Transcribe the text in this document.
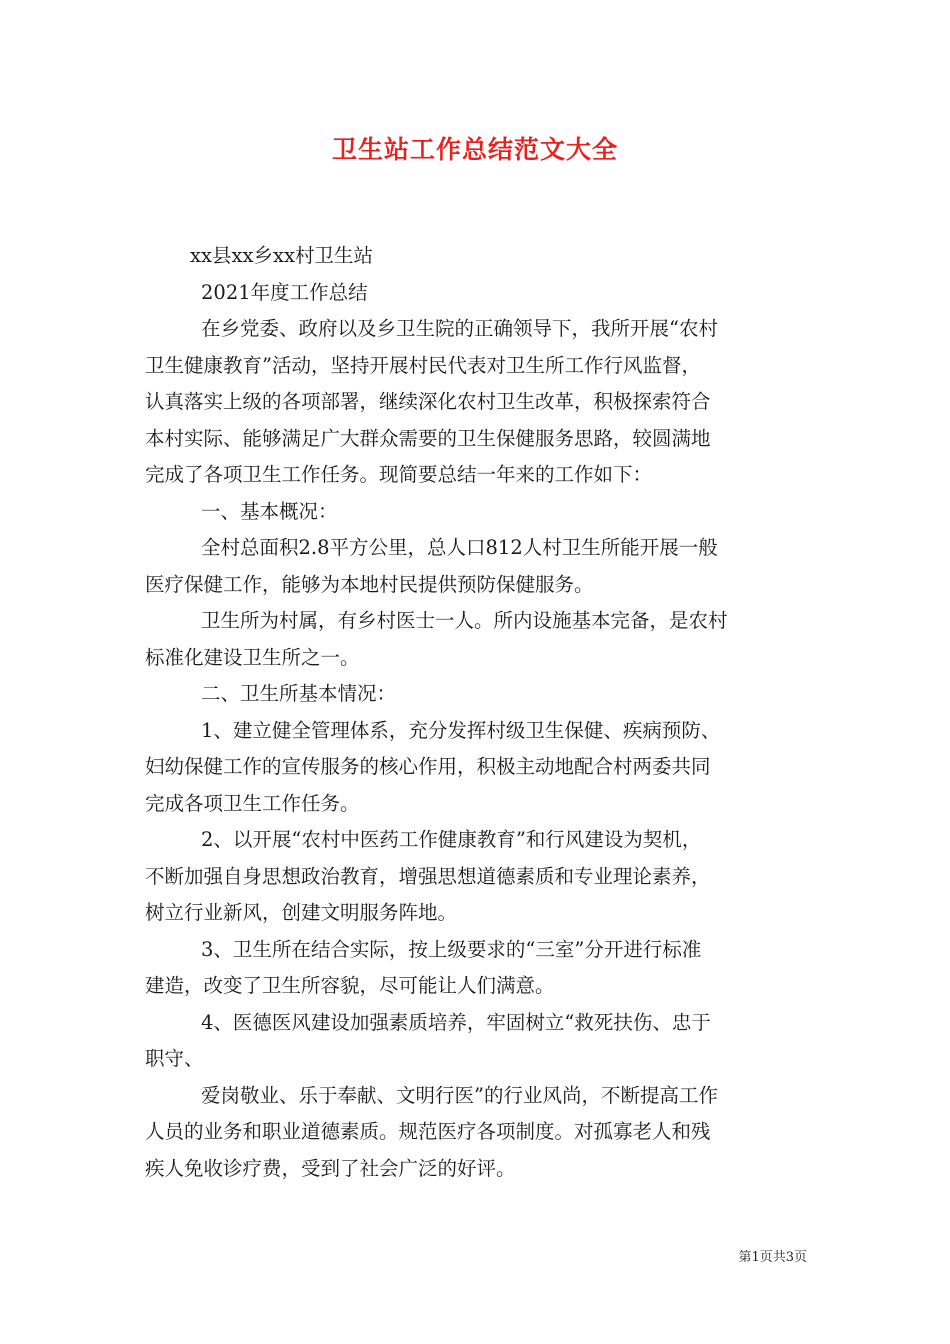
卫生站工作总结范文大全
xx县xx乡xx村卫生站
2021年度工作总结
在乡党委、政府以及乡卫生院的正确领导下，我所开展“农村
卫生健康教育”活动，坚持开展村民代表对卫生所工作行风监督，
认真落实上级的各项部署，继续深化农村卫生改革，积极探索符合
本村实际、能够满足广大群众需要的卫生保健服务思路，较圆满地
完成了各项卫生工作任务。现简要总结一年来的工作如下：
一、基本概况：
全村总面积2.8平方公里，总人口812人村卫生所能开展一般
医疗保健工作，能够为本地村民提供预防保健服务。
卫生所为村属，有乡村医士一人。所内设施基本完备，是农村
标准化建设卫生所之一。
二、卫生所基本情况：
1、建立健全管理体系，充分发挥村级卫生保健、疾病预防、
妇幼保健工作的宣传服务的核心作用，积极主动地配合村两委共同
完成各项卫生工作任务。
2、以开展“农村中医药工作健康教育”和行风建设为契机，
不断加强自身思想政治教育，增强思想道德素质和专业理论素养，
树立行业新风，创建文明服务阵地。
3、卫生所在结合实际，按上级要求的“三室”分开进行标准
建造，改变了卫生所容貌，尽可能让人们满意。
4、医德医风建设加强素质培养，牢固树立“救死扶伤、忠于
职守、
爱岗敬业、乐于奉献、文明行医”的行业风尚，不断提高工作
人员的业务和职业道德素质。规范医疗各项制度。对孤寡老人和残
疾人免收诊疗费，受到了社会广泛的好评。
第1页共3页
